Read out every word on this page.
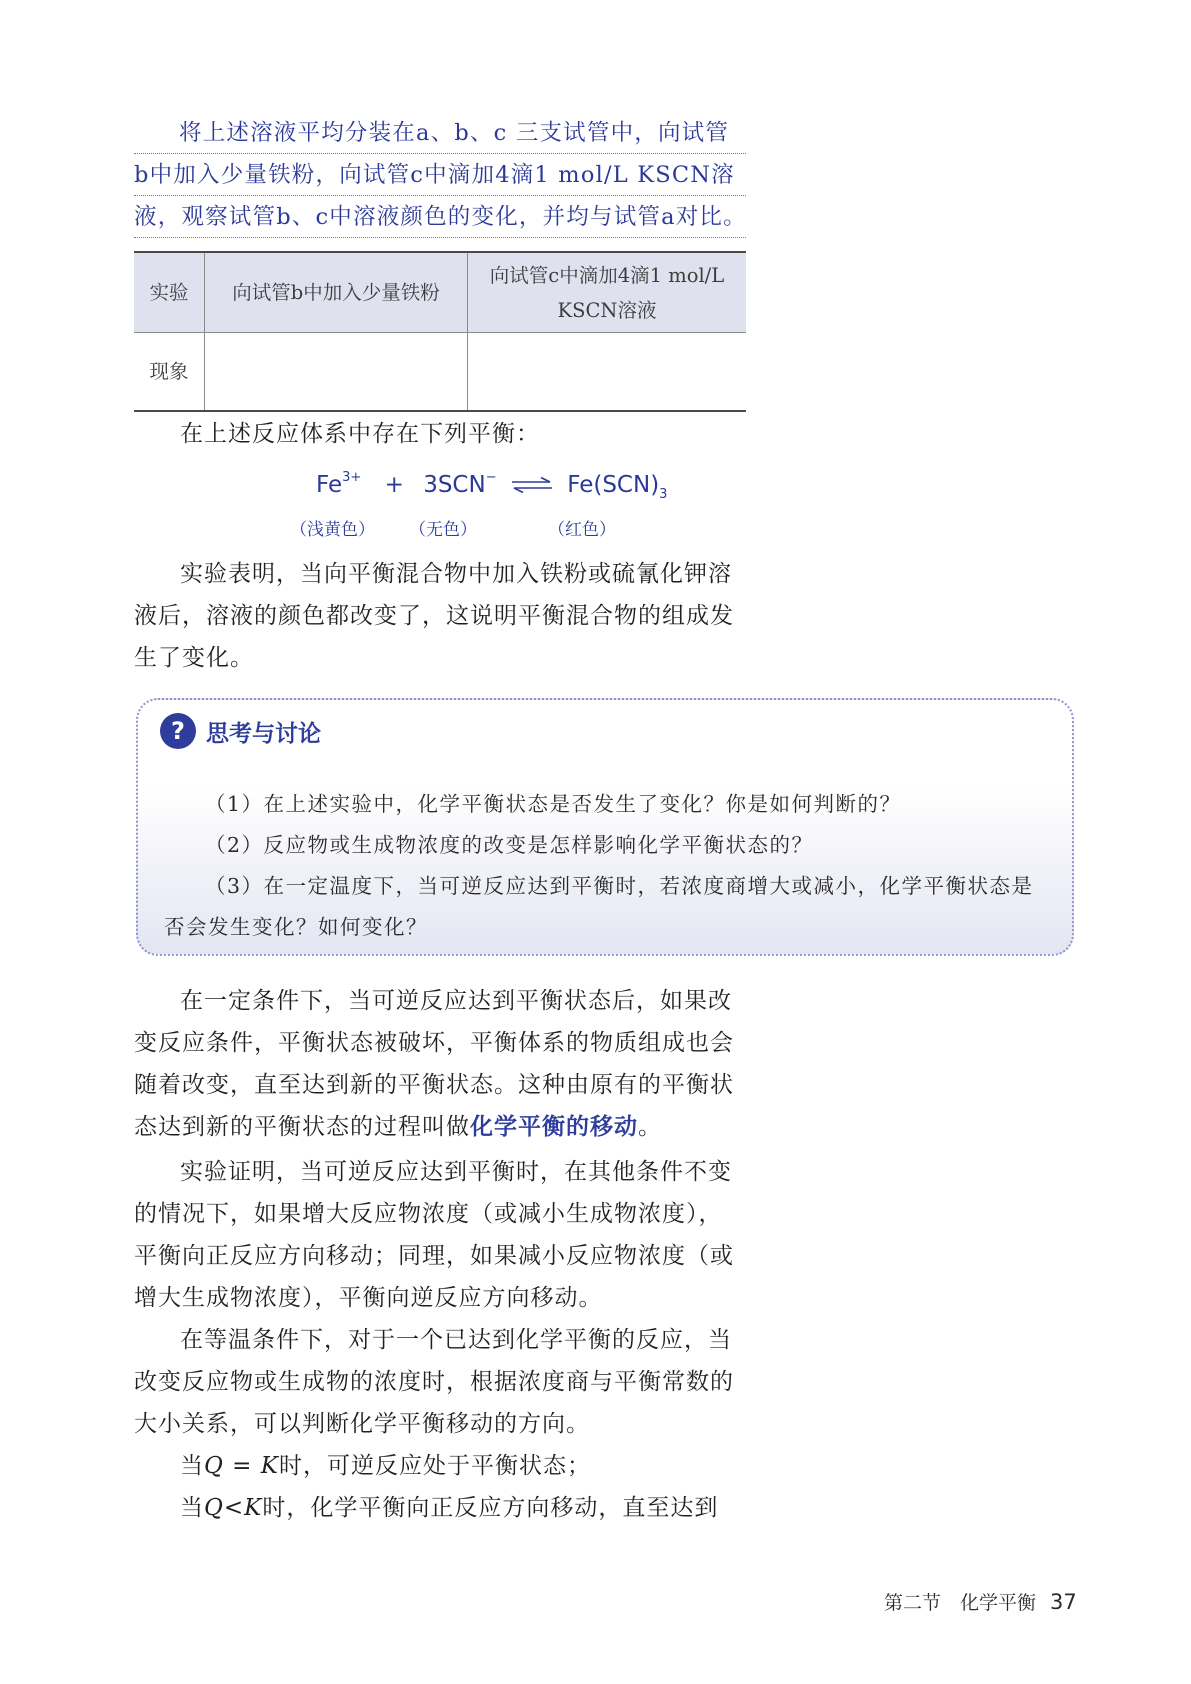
将上述溶液平均分装在a、b、c 三支试管中，向试管
b中加入少量铁粉，向试管c中滴加4滴1 mol/L KSCN溶
液，观察试管b、c中溶液颜色的变化，并均与试管a对比。
实验	向试管b中加入少量铁粉	向试管c中滴加4滴1 mol/L KSCN溶液
现象		

在上述反应体系中存在下列平衡：

$Fe^{3+} + 3SCN^-$ ⇌ $Fe(SCN)_3$
（浅黄色） （无色）	（红色）

实验表明，当向平衡混合物中加入铁粉或硫氰化钾溶液后，溶液的颜色都改变了，这说明平衡混合物的组成发生了变化。

? 思考与讨论

（1）在上述实验中，化学平衡状态是否发生了变化？你是如何判断的？

（2）反应物或生成物浓度的改变是怎样影响化学平衡状态的？

（3）在一定温度下，当可逆反应达到平衡时，若浓度商增大或减小，化学平衡状态是否会发生变化？如何变化？

在一定条件下，当可逆反应达到平衡状态后，如果改变反应条件，平衡状态被破坏，平衡体系的物质组成也会随着改变，直至达到新的平衡状态。这种由原有的平衡状态达到新的平衡状态的过程叫做化学平衡的移动。

实验证明，当可逆反应达到平衡时，在其他条件不变的情况下，如果增大反应物浓度（或减小生成物浓度），平衡向正反应方向移动；同理，如果减小反应物浓度（或增大生成物浓度），平衡向逆反应方向移动。

在等温条件下，对于一个已达到化学平衡的反应，当改变反应物或生成物的浓度时，根据浓度商与平衡常数的大小关系，可以判断化学平衡移动的方向。

当Q = K时，可逆反应处于平衡状态；

当Q<K时，化学平衡向正反应方向移动，直至达到

第二节　化学平衡 37
